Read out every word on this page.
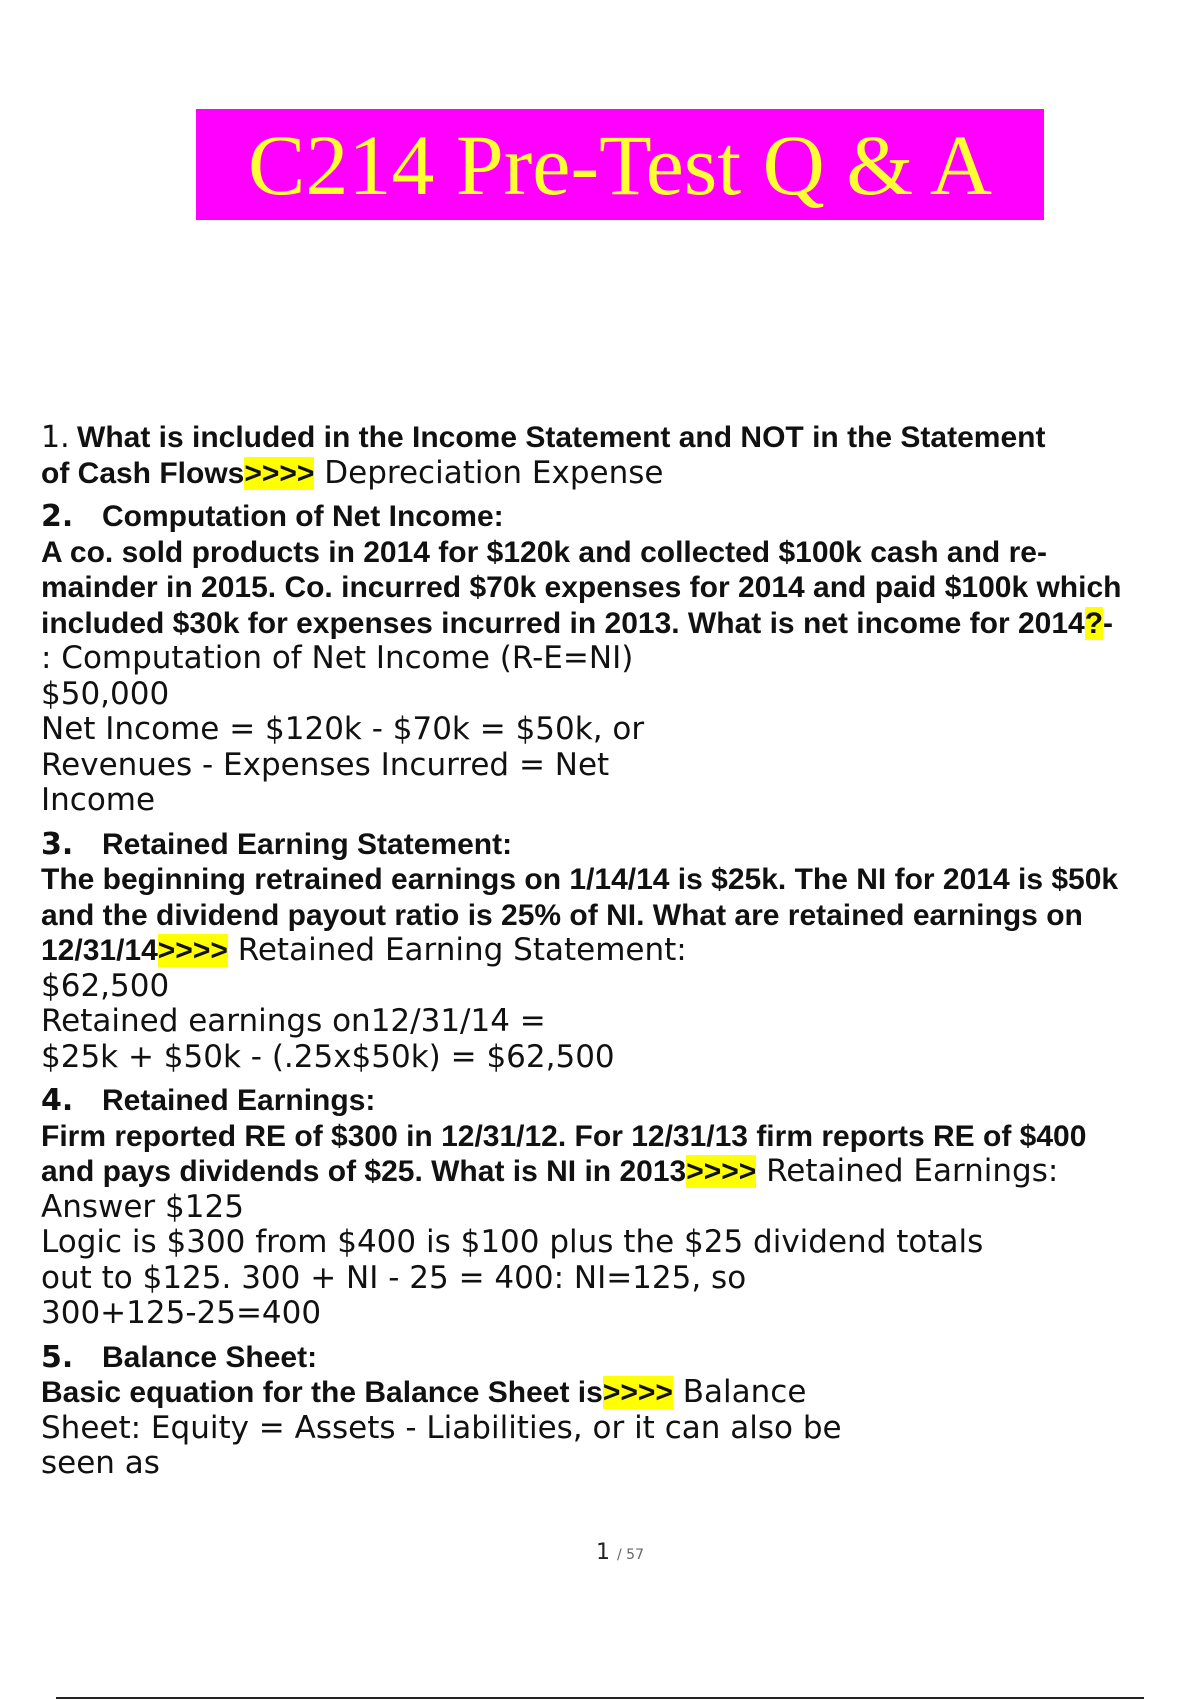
C214 Pre-Test Q & A
1. What is included in the Income Statement and NOT in the Statement
of Cash Flows>>>> Depreciation Expense
2. Computation of Net Income:
A co. sold products in 2014 for $120k and collected $100k cash and re-
mainder in 2015. Co. incurred $70k expenses for 2014 and paid $100k which
included $30k for expenses incurred in 2013. What is net income for 2014?-
: Computation of Net Income (R-E=NI)
$50,000
Net Income = $120k - $70k = $50k, or
Revenues - Expenses Incurred = Net
Income
3. Retained Earning Statement:
The beginning retrained earnings on 1/14/14 is $25k. The NI for 2014 is $50k
and the dividend payout ratio is 25% of NI. What are retained earnings on
12/31/14>>>> Retained Earning Statement:
$62,500
Retained earnings on12/31/14 =
$25k + $50k - (.25x$50k) = $62,500
4. Retained Earnings:
Firm reported RE of $300 in 12/31/12. For 12/31/13 firm reports RE of $400
and pays dividends of $25. What is NI in 2013>>>> Retained Earnings:
Answer $125
Logic is $300 from $400 is $100 plus the $25 dividend totals
out to $125. 300 + NI - 25 = 400: NI=125, so
300+125-25=400
5. Balance Sheet:
Basic equation for the Balance Sheet is>>>> Balance
Sheet: Equity = Assets - Liabilities, or it can also be
seen as
1 / 57
